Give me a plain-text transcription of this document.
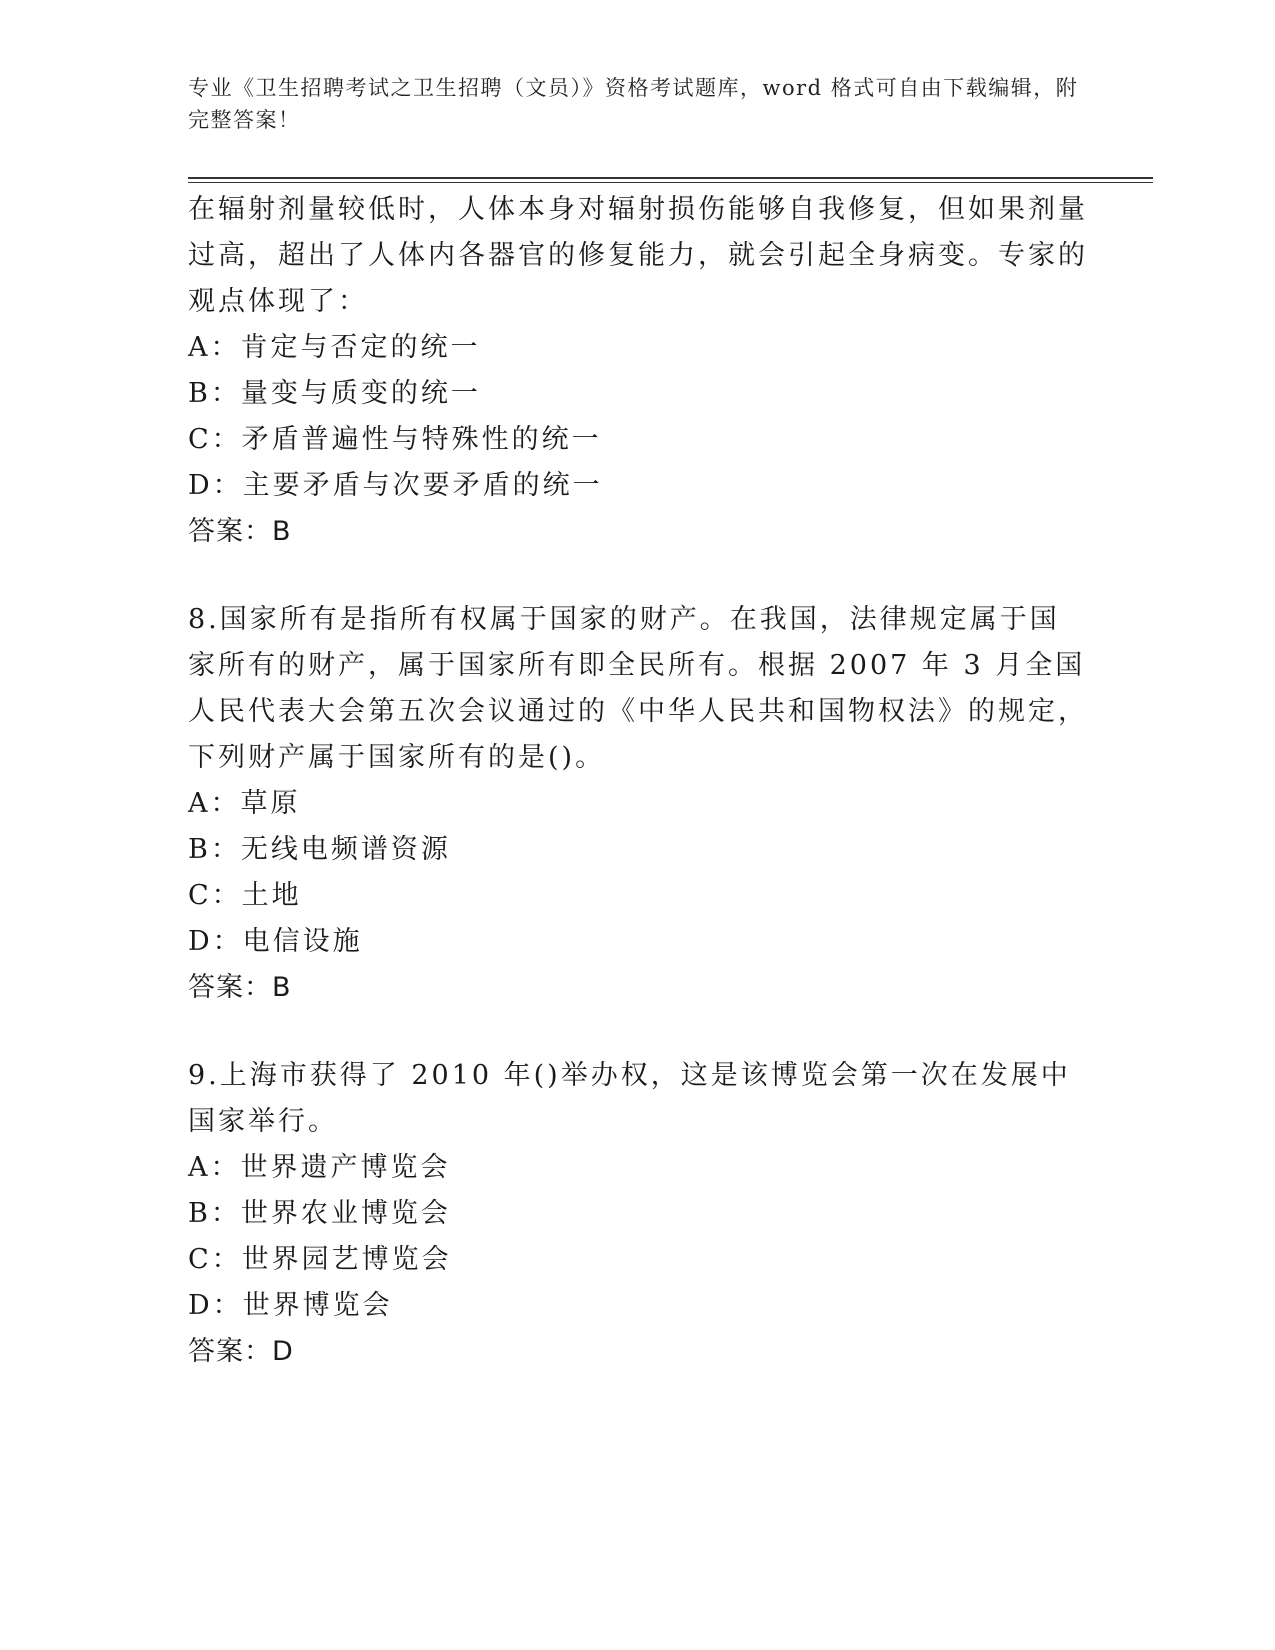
专业《卫生招聘考试之卫生招聘（文员）》资格考试题库，word 格式可自由下载编辑，附完整答案！

在辐射剂量较低时，人体本身对辐射损伤能够自我修复，但如果剂量过高，超出了人体内各器官的修复能力，就会引起全身病变。专家的观点体现了：

A：肯定与否定的统一

B：量变与质变的统一

C：矛盾普遍性与特殊性的统一

D：主要矛盾与次要矛盾的统一

答案：B

8.国家所有是指所有权属于国家的财产。在我国，法律规定属于国家所有的财产，属于国家所有即全民所有。根据 2007 年 3 月全国人民代表大会第五次会议通过的《中华人民共和国物权法》的规定，下列财产属于国家所有的是()。

A：草原

B：无线电频谱资源

C：土地

D：电信设施

答案：B

9.上海市获得了 2010 年()举办权，这是该博览会第一次在发展中国家举行。

A：世界遗产博览会

B：世界农业博览会

C：世界园艺博览会

D：世界博览会

答案：D
